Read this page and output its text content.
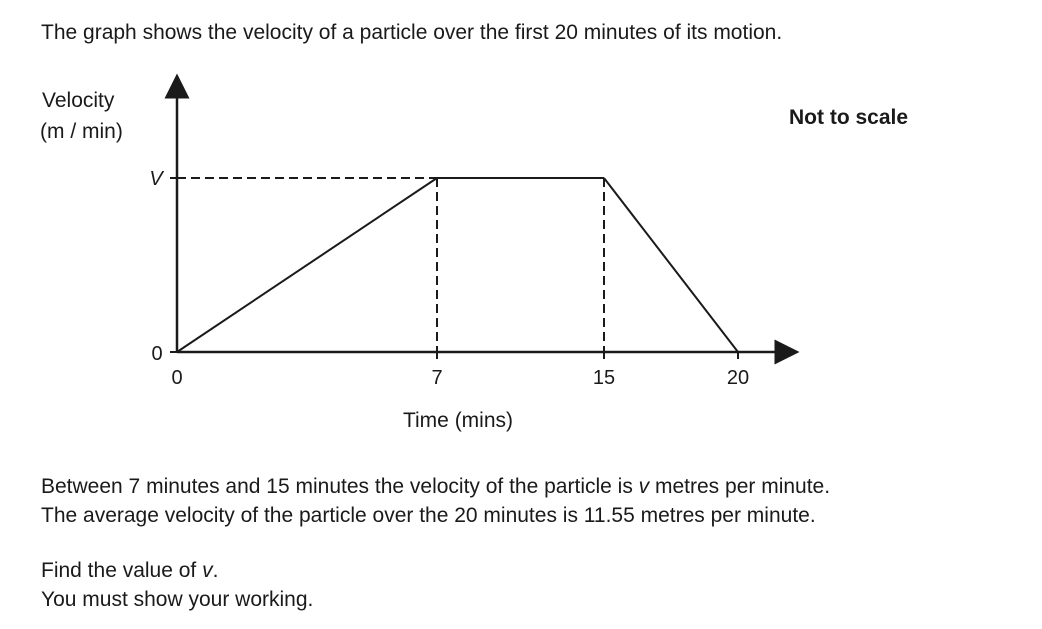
The graph shows the velocity of a particle over the first 20 minutes of its motion.
Velocity
(m / min)
Time (mins)
Not to scale
V
0
0	7	15	20
Between 7 minutes and 15 minutes the velocity of the particle is v metres per minute.
The average velocity of the particle over the 20 minutes is 11.55 metres per minute.
Find the value of v.
You must show your working.
